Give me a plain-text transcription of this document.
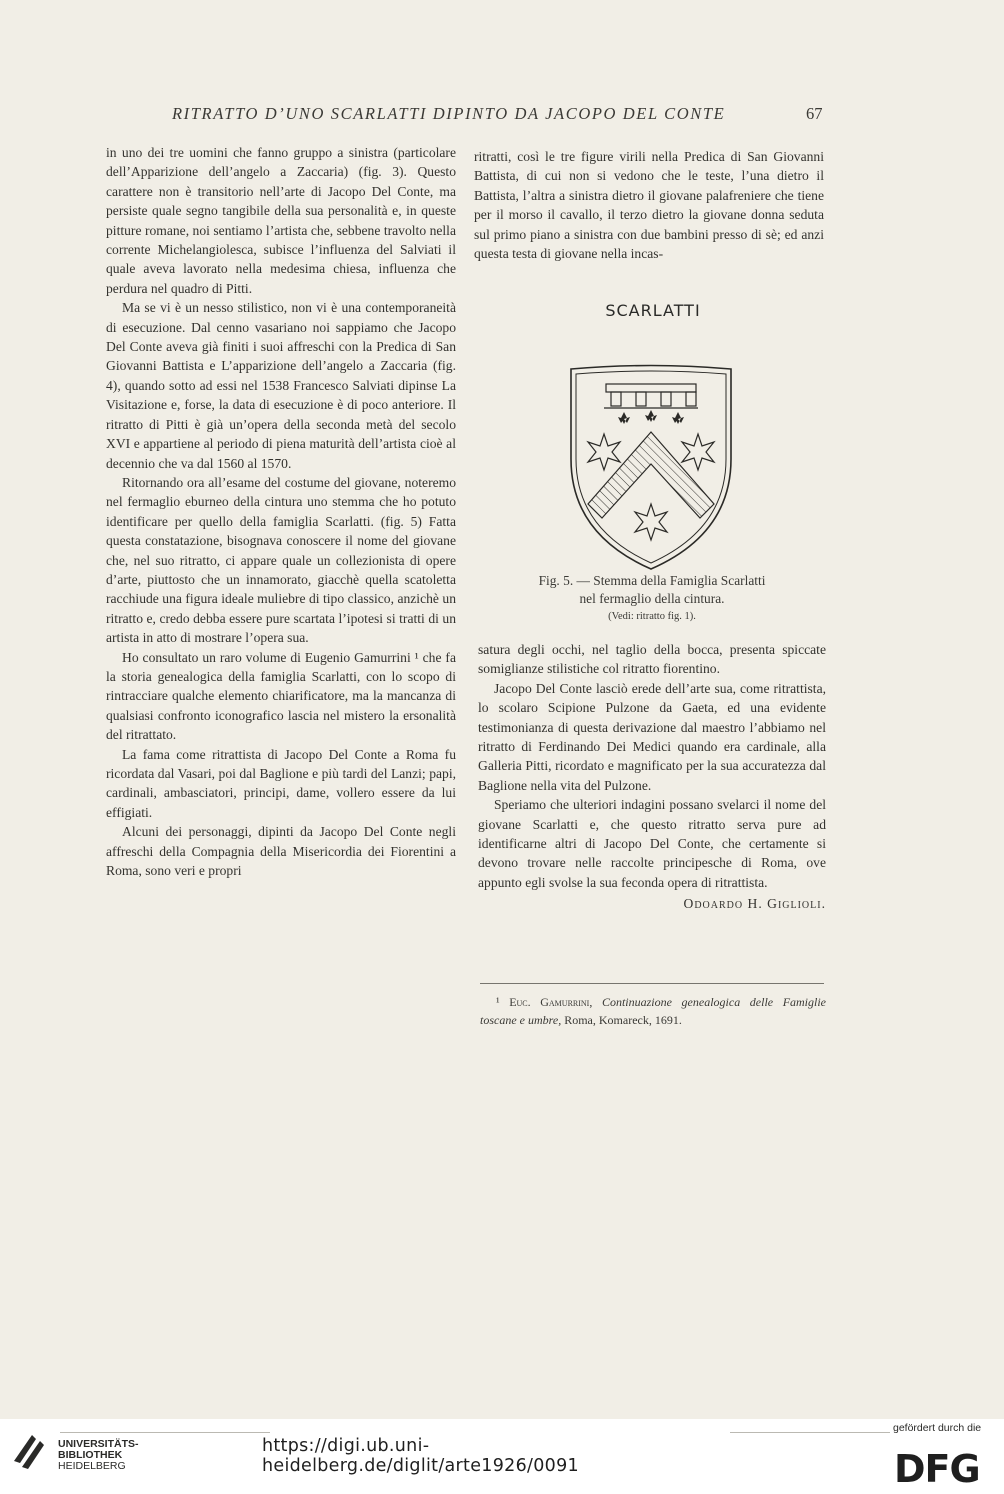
RITRATTO D’UNO SCARLATTI DIPINTO DA JACOPO DEL CONTE	67

in uno dei tre uomini che fanno gruppo a sinistra (particolare dell’Apparizione dell’angelo a Zaccaria) (fig. 3). Questo carattere non è transitorio nell’arte di Jacopo Del Conte, ma persiste quale segno tangibile della sua personalità e, in queste pitture romane, noi sentiamo l’artista che, sebbene travolto nella corrente Michelangiolesca, subisce l’influenza del Salviati il quale aveva lavorato nella medesima chiesa, influenza che perdura nel quadro di Pitti.

Ma se vi è un nesso stilistico, non vi è una contemporaneità di esecuzione. Dal cenno vasariano noi sappiamo che Jacopo Del Conte aveva già finiti i suoi affreschi con la Predica di San Giovanni Battista e L’apparizione dell’angelo a Zaccaria (fig. 4), quando sotto ad essi nel 1538 Francesco Salviati dipinse La Visitazione e, forse, la data di esecuzione è di poco anteriore. Il ritratto di Pitti è già un’opera della seconda metà del secolo XVI e appartiene al periodo di piena maturità dell’artista cioè al decennio che va dal 1560 al 1570.

Ritornando ora all’esame del costume del giovane, noteremo nel fermaglio eburneo della cintura uno stemma che ho potuto identificare per quello della famiglia Scarlatti. (fig. 5) Fatta questa constatazione, bisognava conoscere il nome del giovane che, nel suo ritratto, ci appare quale un collezionista di opere d’arte, piuttosto che un innamorato, giacchè quella scatoletta racchiude una figura ideale muliebre di tipo classico, anzichè un ritratto e, credo debba essere pure scartata l’ipotesi si tratti di un artista in atto di mostrare l’opera sua.

Ho consultato un raro volume di Eugenio Gamurrini ¹ che fa la storia genealogica della famiglia Scarlatti, con lo scopo di rintracciare qualche elemento chiarificatore, ma la mancanza di qualsiasi confronto iconografico lascia nel mistero la ersonalità del ritrattato.

La fama come ritrattista di Jacopo Del Conte a Roma fu ricordata dal Vasari, poi dal Baglione e più tardi del Lanzi; papi, cardinali, ambasciatori, principi, dame, vollero essere da lui effigiati.

Alcuni dei personaggi, dipinti da Jacopo Del Conte negli affreschi della Compagnia della Misericordia dei Fiorentini a Roma, sono veri e propri

ritratti, così le tre figure virili nella Predica di San Giovanni Battista, di cui non si vedono che le teste, l’una dietro il Battista, l’altra a sinistra dietro il giovane palafreniere che tiene per il morso il cavallo, il terzo dietro la giovane donna seduta sul primo piano a sinistra con due bambini presso di sè; ed anzi questa testa di giovane nella incas-

SCARLATTI
Fig. 5. — Stemma della Famiglia Scarlatti
nel fermaglio della cintura.
(Vedi: ritratto fig. 1).

satura degli occhi, nel taglio della bocca, presenta spiccate somiglianze stilistiche col ritratto fiorentino.

Jacopo Del Conte lasciò erede dell’arte sua, come ritrattista, lo scolaro Scipione Pulzone da Gaeta, ed una evidente testimonianza di questa derivazione dal maestro l’abbiamo nel ritratto di Ferdinando Dei Medici quando era cardinale, alla Galleria Pitti, ricordato e magnificato per la sua accuratezza dal Baglione nella vita del Pulzone.

Speriamo che ulteriori indagini possano svelarci il nome del giovane Scarlatti e, che questo ritratto serva pure ad identificarne altri di Jacopo Del Conte, che certamente si devono trovare nelle raccolte principesche di Roma, ove appunto egli svolse la sua feconda opera di ritrattista.

Odoardo H. Giglioli.

¹ Euc. Gamurrini, Continuazione genealogica delle Famiglie toscane e umbre, Roma, Komareck, 1691.
UNIVERSITÄTS-
BIBLIOTHEK
HEIDELBERG
https://digi.ub.uni-heidelberg.de/diglit/arte1926/0091
gefördert durch die
DFG
